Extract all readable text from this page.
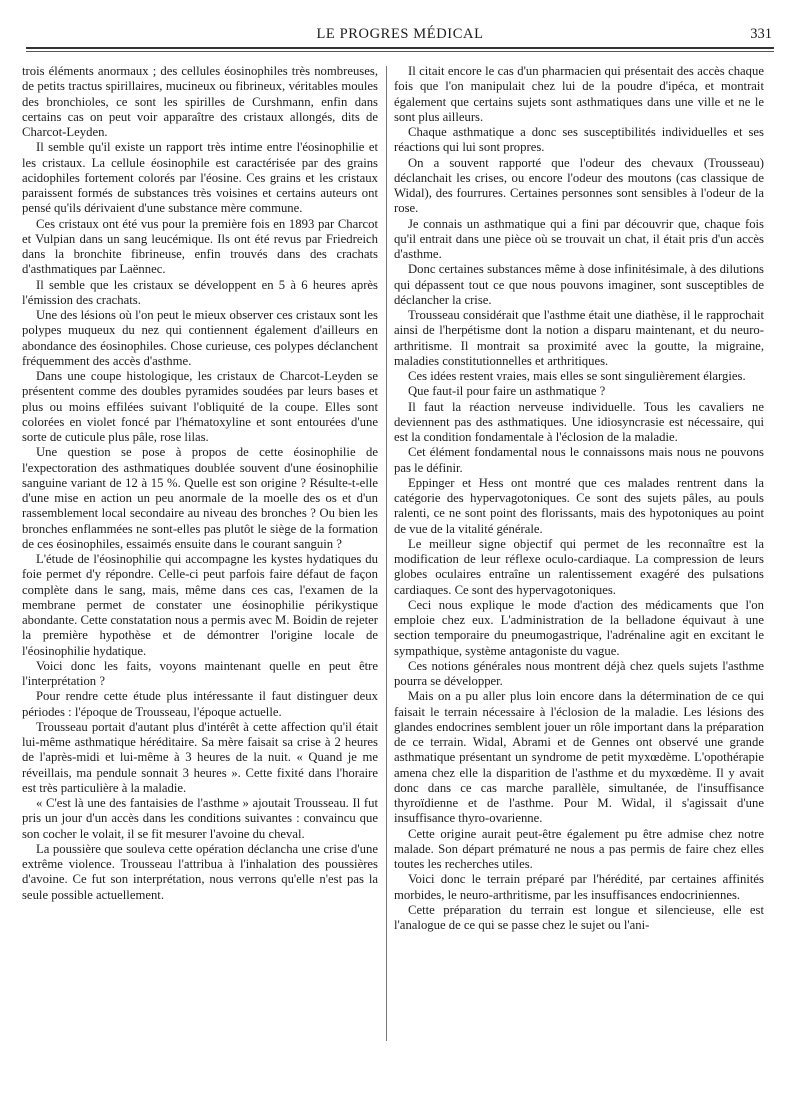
LE PROGRES MÉDICAL	331

trois éléments anormaux ; des cellules éosinophiles très nombreuses, de petits tractus spirillaires, mucineux ou fibrineux, véritables moules des bronchioles, ce sont les spirilles de Curshmann, enfin dans certains cas on peut voir apparaître des cristaux allongés, dits de Charcot-Leyden.

Il semble qu'il existe un rapport très intime entre l'éosinophilie et les cristaux. La cellule éosinophile est caractérisée par des grains acidophiles fortement colorés par l'éosine. Ces grains et les cristaux paraissent formés de substances très voisines et certains auteurs ont pensé qu'ils dérivaient d'une substance mère commune.

Ces cristaux ont été vus pour la première fois en 1893 par Charcot et Vulpian dans un sang leucémique. Ils ont été revus par Friedreich dans la bronchite fibrineuse, enfin trouvés dans des crachats d'asthmatiques par Laënnec.

Il semble que les cristaux se développent en 5 à 6 heures après l'émission des crachats.

Une des lésions où l'on peut le mieux observer ces cristaux sont les polypes muqueux du nez qui contiennent également d'ailleurs en abondance des éosinophiles. Chose curieuse, ces polypes déclanchent fréquemment des accès d'asthme.

Dans une coupe histologique, les cristaux de Charcot-Leyden se présentent comme des doubles pyramides soudées par leurs bases et plus ou moins effilées suivant l'obliquité de la coupe. Elles sont colorées en violet foncé par l'hématoxyline et sont entourées d'une sorte de cuticule plus pâle, rose lilas.

Une question se pose à propos de cette éosinophilie de l'expectoration des asthmatiques doublée souvent d'une éosinophilie sanguine variant de 12 à 15 %. Quelle est son origine ? Résulte-t-elle d'une mise en action un peu anormale de la moelle des os et d'un rassemblement local secondaire au niveau des bronches ? Ou bien les bronches enflammées ne sont-elles pas plutôt le siège de la formation de ces éosinophiles, essaimés ensuite dans le courant sanguin ?

L'étude de l'éosinophilie qui accompagne les kystes hydatiques du foie permet d'y répondre. Celle-ci peut parfois faire défaut de façon complète dans le sang, mais, même dans ces cas, l'examen de la membrane permet de constater une éosinophilie périkystique abondante. Cette constatation nous a permis avec M. Boidin de rejeter la première hypothèse et de démontrer l'origine locale de l'éosinophilie hydatique.

Voici donc les faits, voyons maintenant quelle en peut être l'interprétation ?

Pour rendre cette étude plus intéressante il faut distinguer deux périodes : l'époque de Trousseau, l'époque actuelle.

Trousseau portait d'autant plus d'intérêt à cette affection qu'il était lui-même asthmatique héréditaire. Sa mère faisait sa crise à 2 heures de l'après-midi et lui-même à 3 heures de la nuit. « Quand je me réveillais, ma pendule sonnait 3 heures ». Cette fixité dans l'horaire est très particulière à la maladie.

« C'est là une des fantaisies de l'asthme » ajoutait Trousseau. Il fut pris un jour d'un accès dans les conditions suivantes : convaincu que son cocher le volait, il se fit mesurer l'avoine du cheval.

La poussière que souleva cette opération déclancha une crise d'une extrême violence. Trousseau l'attribua à l'inhalation des poussières d'avoine. Ce fut son interprétation, nous verrons qu'elle n'est pas la seule possible actuellement.

Il citait encore le cas d'un pharmacien qui présentait des accès chaque fois que l'on manipulait chez lui de la poudre d'ipéca, et montrait également que certains sujets sont asthmatiques dans une ville et ne le sont plus ailleurs.

Chaque asthmatique a donc ses susceptibilités individuelles et ses réactions qui lui sont propres.

On a souvent rapporté que l'odeur des chevaux (Trousseau) déclanchait les crises, ou encore l'odeur des moutons (cas classique de Widal), des fourrures. Certaines personnes sont sensibles à l'odeur de la rose.

Je connais un asthmatique qui a fini par découvrir que, chaque fois qu'il entrait dans une pièce où se trouvait un chat, il était pris d'un accès d'asthme.

Donc certaines substances même à dose infinitésimale, à des dilutions qui dépassent tout ce que nous pouvons imaginer, sont susceptibles de déclancher la crise.

Trousseau considérait que l'asthme était une diathèse, il le rapprochait ainsi de l'herpétisme dont la notion a disparu maintenant, et du neuro-arthritisme. Il montrait sa proximité avec la goutte, la migraine, maladies constitutionnelles et arthritiques.

Ces idées restent vraies, mais elles se sont singulièrement élargies.

Que faut-il pour faire un asthmatique ?

Il faut la réaction nerveuse individuelle. Tous les cavaliers ne deviennent pas des asthmatiques. Une idiosyncrasie est nécessaire, qui est la condition fondamentale à l'éclosion de la maladie.

Cet élément fondamental nous le connaissons mais nous ne pouvons pas le définir.

Eppinger et Hess ont montré que ces malades rentrent dans la catégorie des hypervagotoniques. Ce sont des sujets pâles, au pouls ralenti, ce ne sont point des florissants, mais des hypotoniques au point de vue de la vitalité générale.

Le meilleur signe objectif qui permet de les reconnaître est la modification de leur réflexe oculo-cardiaque. La compression de leurs globes oculaires entraîne un ralentissement exagéré des pulsations cardiaques. Ce sont des hypervagotoniques.

Ceci nous explique le mode d'action des médicaments que l'on emploie chez eux. L'administration de la belladone équivaut à une section temporaire du pneumogastrique, l'adrénaline agit en excitant le sympathique, système antagoniste du vague.

Ces notions générales nous montrent déjà chez quels sujets l'asthme pourra se développer.

Mais on a pu aller plus loin encore dans la détermination de ce qui faisait le terrain nécessaire à l'éclosion de la maladie. Les lésions des glandes endocrines semblent jouer un rôle important dans la préparation de ce terrain. Widal, Abrami et de Gennes ont observé une grande asthmatique présentant un syndrome de petit myxœdème. L'opothérapie amena chez elle la disparition de l'asthme et du myxœdème. Il y avait donc dans ce cas marche parallèle, simultanée, de l'insuffisance thyroïdienne et de l'asthme. Pour M. Widal, il s'agissait d'une insuffisance thyro-ovarienne.

Cette origine aurait peut-être également pu être admise chez notre malade. Son départ prématuré ne nous a pas permis de faire chez elles toutes les recherches utiles.

Voici donc le terrain préparé par l'hérédité, par certaines affinités morbides, le neuro-arthritisme, par les insuffisances endocriniennes.

Cette préparation du terrain est longue et silencieuse, elle est l'analogue de ce qui se passe chez le sujet ou l'ani-
